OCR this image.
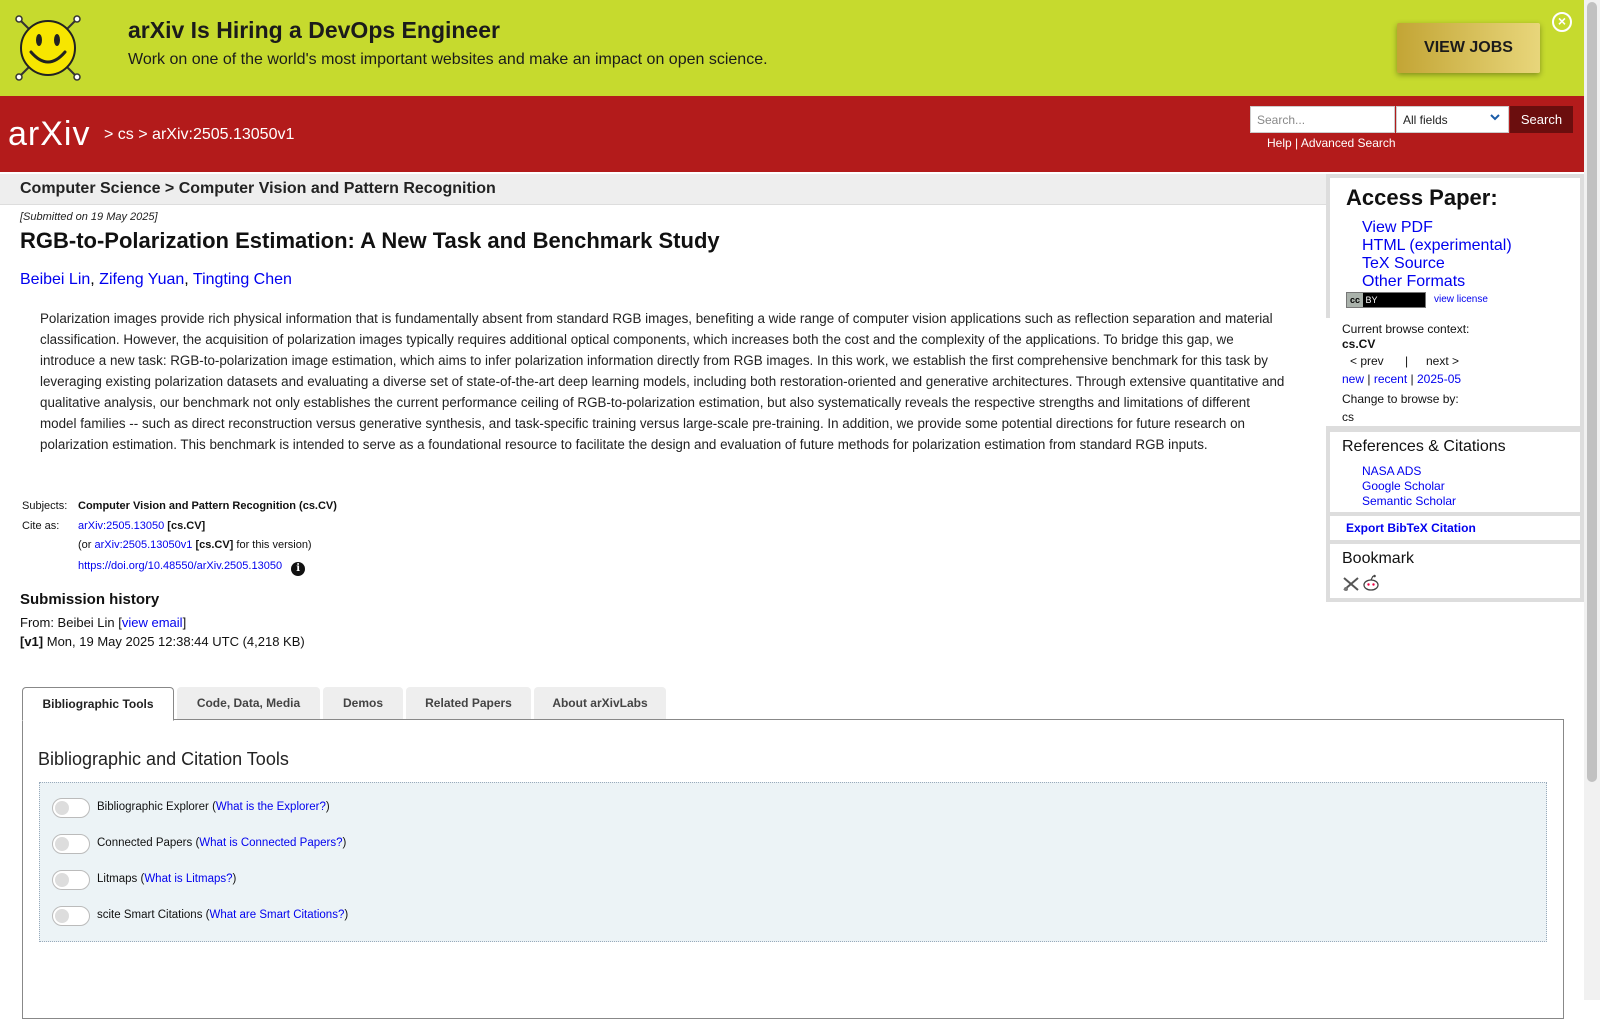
arXiv Is Hiring a DevOps Engineer
Work on one of the world's most important websites and make an impact on open science.
VIEW JOBS
×
arXiv > cs > arXiv:2505.13050v1
Search...
All fields	Search
Help | Advanced Search
Computer Science > Computer Vision and Pattern Recognition
[Submitted on 19 May 2025]
RGB-to-Polarization Estimation: A New Task and Benchmark Study
Beibei Lin, Zifeng Yuan, Tingting Chen

Polarization images provide rich physical information that is fundamentally absent from standard RGB images, benefiting a wide range of computer vision applications such as reflection separation and material classification. However, the acquisition of polarization images typically requires additional optical components, which increases both the cost and the complexity of the applications. To bridge this gap, we introduce a new task: RGB-to-polarization image estimation, which aims to infer polarization information directly from RGB images. In this work, we establish the first comprehensive benchmark for this task by leveraging existing polarization datasets and evaluating a diverse set of state-of-the-art deep learning models, including both restoration-oriented and generative architectures. Through extensive quantitative and qualitative analysis, our benchmark not only establishes the current performance ceiling of RGB-to-polarization estimation, but also systematically reveals the respective strengths and limitations of different model families -- such as direct reconstruction versus generative synthesis, and task-specific training versus large-scale pre-training. In addition, we provide some potential directions for future research on polarization estimation. This benchmark is intended to serve as a foundational resource to facilitate the design and evaluation of future methods for polarization estimation from standard RGB inputs.

Subjects: Computer Vision and Pattern Recognition (cs.CV)
Cite as:	arXiv:2505.13050 [cs.CV]
(or arXiv:2505.13050v1 [cs.CV] for this version)
https://doi.org/10.48550/arXiv.2505.13050 i
Submission history
From: Beibei Lin [view email]
[v1] Mon, 19 May 2025 12:38:44 UTC (4,218 KB)
Access Paper:
View PDF
HTML (experimental)
TeX Source
Other Formats
cc BY	view license
Current browse context:
cs.CV
< prev | next >
new | recent | 2025-05
Change to browse by:
cs
References & Citations
NASA ADS
Google Scholar
Semantic Scholar
Export BibTeX Citation
Bookmark
Bibliographic Tools	Code, Data, Media	Demos	Related Papers	About arXivLabs
Bibliographic and Citation Tools
Bibliographic Explorer (What is the Explorer?)
Connected Papers (What is Connected Papers?)
Litmaps (What is Litmaps?)
scite Smart Citations (What are Smart Citations?)
